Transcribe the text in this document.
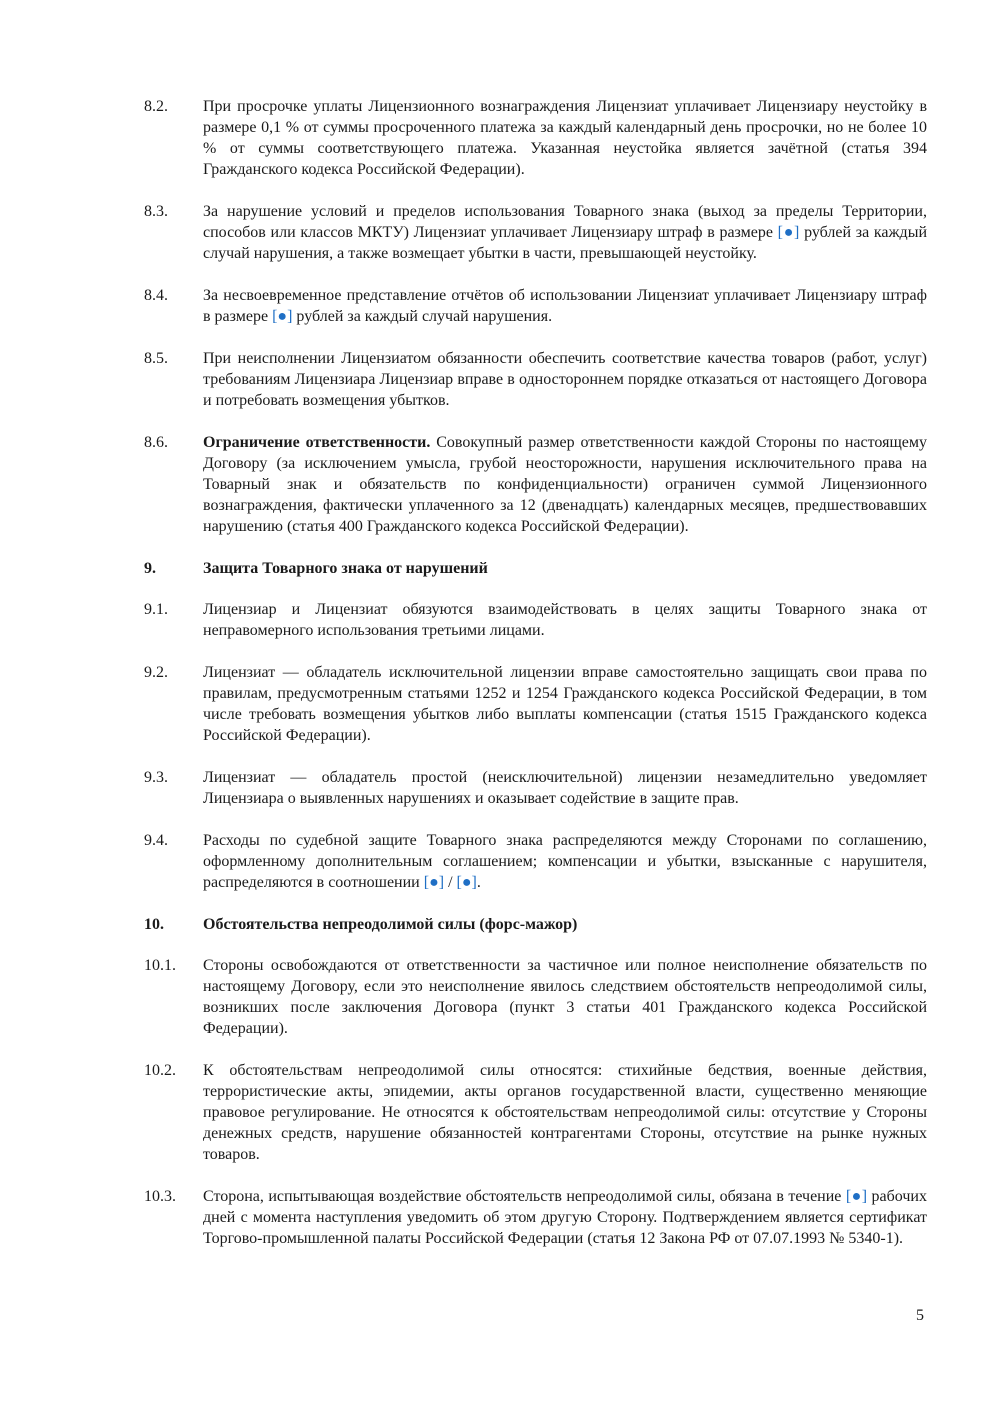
8.2.	При просрочке уплаты Лицензионного вознаграждения Лицензиат уплачивает Лицензиару неустойку в размере 0,1 % от суммы просроченного платежа за каждый календарный день просрочки, но не более 10 % от суммы соответствующего платежа. Указанная неустойка является зачётной (статья 394 Гражданского кодекса Российской Федерации).
8.3.	За нарушение условий и пределов использования Товарного знака (выход за пределы Территории, способов или классов МКТУ) Лицензиат уплачивает Лицензиару штраф в размере [●] рублей за каждый случай нарушения, а также возмещает убытки в части, превышающей неустойку.
8.4.	За несвоевременное представление отчётов об использовании Лицензиат уплачивает Лицензиару штраф в размере [●] рублей за каждый случай нарушения.
8.5.	При неисполнении Лицензиатом обязанности обеспечить соответствие качества товаров (работ, услуг) требованиям Лицензиара Лицензиар вправе в одностороннем порядке отказаться от настоящего Договора и потребовать возмещения убытков.
8.6.	Ограничение ответственности. Совокупный размер ответственности каждой Стороны по настоящему Договору (за исключением умысла, грубой неосторожности, нарушения исключительного права на Товарный знак и обязательств по конфиденциальности) ограничен суммой Лицензионного вознаграждения, фактически уплаченного за 12 (двенадцать) календарных месяцев, предшествовавших нарушению (статья 400 Гражданского кодекса Российской Федерации).
9.	Защита Товарного знака от нарушений
9.1.	Лицензиар и Лицензиат обязуются взаимодействовать в целях защиты Товарного знака от неправомерного использования третьими лицами.
9.2.	Лицензиат — обладатель исключительной лицензии вправе самостоятельно защищать свои права по правилам, предусмотренным статьями 1252 и 1254 Гражданского кодекса Российской Федерации, в том числе требовать возмещения убытков либо выплаты компенсации (статья 1515 Гражданского кодекса Российской Федерации).
9.3.	Лицензиат — обладатель простой (неисключительной) лицензии незамедлительно уведомляет Лицензиара о выявленных нарушениях и оказывает содействие в защите прав.
9.4.	Расходы по судебной защите Товарного знака распределяются между Сторонами по соглашению, оформленному дополнительным соглашением; компенсации и убытки, взысканные с нарушителя, распределяются в соотношении [●] / [●].
10.	Обстоятельства непреодолимой силы (форс-мажор)
10.1.	Стороны освобождаются от ответственности за частичное или полное неисполнение обязательств по настоящему Договору, если это неисполнение явилось следствием обстоятельств непреодолимой силы, возникших после заключения Договора (пункт 3 статьи 401 Гражданского кодекса Российской Федерации).
10.2.	К обстоятельствам непреодолимой силы относятся: стихийные бедствия, военные действия, террористические акты, эпидемии, акты органов государственной власти, существенно меняющие правовое регулирование. Не относятся к обстоятельствам непреодолимой силы: отсутствие у Стороны денежных средств, нарушение обязанностей контрагентами Стороны, отсутствие на рынке нужных товаров.
10.3.	Сторона, испытывающая воздействие обстоятельств непреодолимой силы, обязана в течение [●] рабочих дней с момента наступления уведомить об этом другую Сторону. Подтверждением является сертификат Торгово-промышленной палаты Российской Федерации (статья 12 Закона РФ от 07.07.1993 № 5340-1).
5
